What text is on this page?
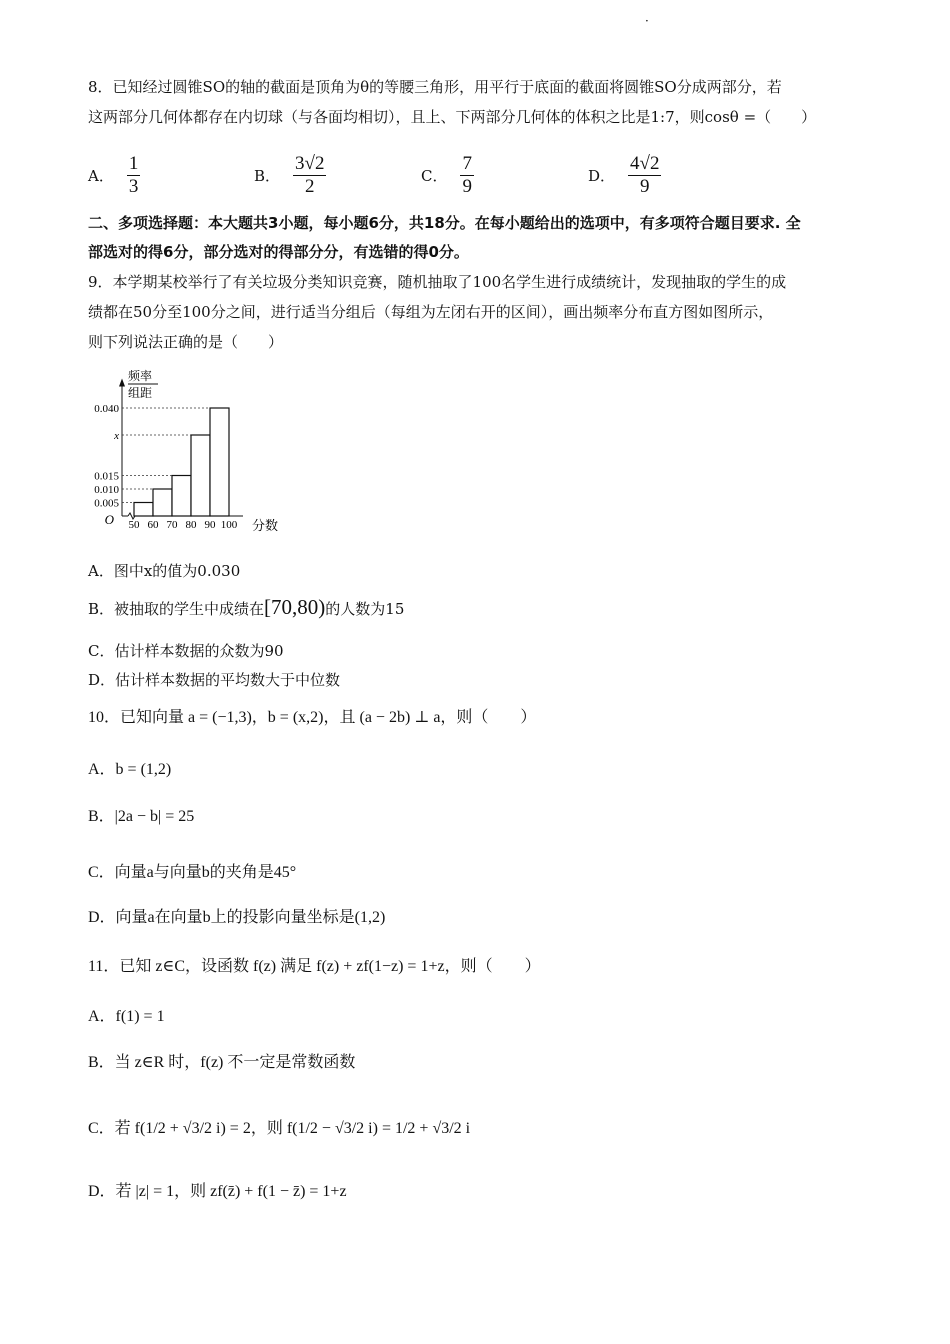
·
8．已知经过圆锥SO的轴的截面是顶角为θ的等腰三角形，用平行于底面的截面将圆锥SO分成两部分，若
这两部分几何体都存在内切球（与各面均相切），且上、下两部分几何体的体积之比是1:7，则cosθ =（　　）
A． $\frac{1}{3}$	B． $\frac{3√2}{2}$	C． $\frac{7}{9}$	D． $\frac{4√2}{9}$
二、多项选择题：本大题共3小题，每小题6分，共18分。在每小题给出的选项中，有多项符合题目要求. 全
部选对的得6分，部分选对的得部分分，有选错的得0分。
9．本学期某校举行了有关垃圾分类知识竞赛，随机抽取了100名学生进行成绩统计，发现抽取的学生的成
绩都在50分至100分之间，进行适当分组后（每组为左闭右开的区间），画出频率分布直方图如图所示，
则下列说法正确的是（　　）
频率
组距
0.005
0.010
0.015
x
0.040
50 60 70 80 90 100
O	分数
A．图中x的值为0.030
B．被抽取的学生中成绩在[70,80)的人数为15
C．估计样本数据的众数为90
D．估计样本数据的平均数大于中位数
10．已知向量 a = (−1,3)，b = (x,2)，且 (a − 2b) ⊥ a，则（　　）
A．b = (1,2)
B．|2a − b| = 25
C．向量a与向量b的夹角是45°
D．向量a在向量b上的投影向量坐标是(1,2)
11．已知 z∈C，设函数 f(z) 满足 f(z) + zf(1−z) = 1+z，则（　　）
A．f(1) = 1
B．当 z∈R 时，f(z) 不一定是常数函数
C．若 f(1/2 + √3/2 i) = 2，则 f(1/2 − √3/2 i) = 1/2 + √3/2 i
D．若 |z| = 1，则 zf(z̄) + f(1 − z̄) = 1+z
